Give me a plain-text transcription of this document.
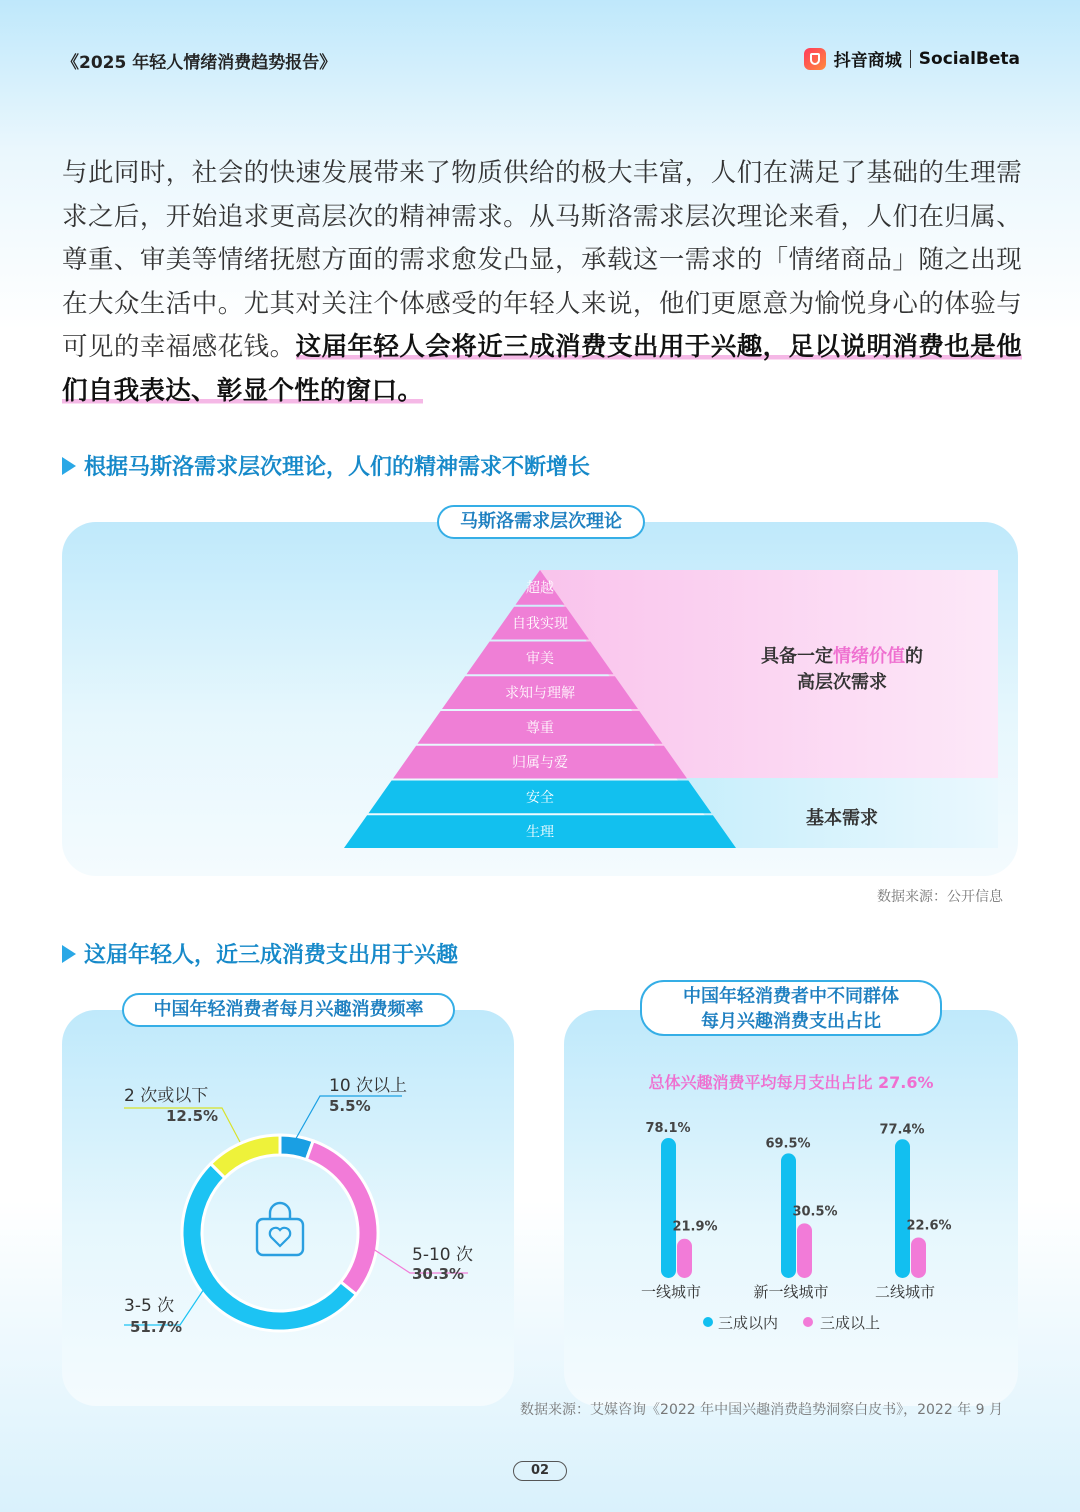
《2025 年轻人情绪消费趋势报告》	抖音商城 SocialBeta
与此同时，社会的快速发展带来了物质供给的极大丰富，人们在满足了基础的生理需求之后，开始追求更高层次的精神需求。从马斯洛需求层次理论来看，人们在归属、尊重、审美等情绪抚慰方面的需求愈发凸显，承载这一需求的「情绪商品」随之出现在大众生活中。尤其对关注个体感受的年轻人来说，他们更愿意为愉悦身心的体验与可见的幸福感花钱。这届年轻人会将近三成消费支出用于兴趣，足以说明消费也是他们自我表达、彰显个性的窗口。
根据马斯洛需求层次理论，人们的精神需求不断增长
马斯洛需求层次理论
超越
自我实现
审美
求知与理解
尊重
归属与爱
安全
生理
具备一定情绪价值的
高层次需求
基本需求
数据来源：公开信息
这届年轻人，近三成消费支出用于兴趣
中国年轻消费者每月兴趣消费频率
10 次以上
5.5%
5-10 次
30.3%
3-5 次
51.7%
2 次或以下
12.5%
中国年轻消费者中不同群体
每月兴趣消费支出占比
总体兴趣消费平均每月支出占比 27.6%
78.1%
21.9%
一线城市
69.5%
30.5%
新一线城市
77.4%
22.6%
二线城市
三成以内	三成以上
数据来源：艾媒咨询《2022 年中国兴趣消费趋势洞察白皮书》，2022 年 9 月
02
